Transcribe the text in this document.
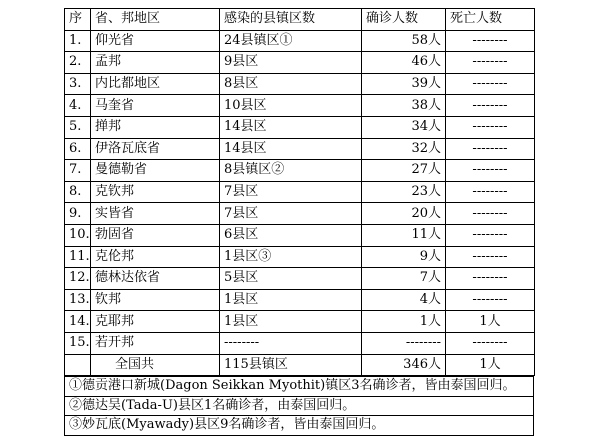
序	省、邦地区	感染的县镇区数	确诊人数	死亡人数
1.	仰光省	24县镇区①	58人	--------
2.	孟邦	9县区	46人	--------
3.	内比都地区	8县区	39人	--------
4.	马奎省	10县区	38人	--------
5.	掸邦	14县区	34人	--------
6.	伊洛瓦底省	14县区	32人	--------
7.	曼德勒省	8县镇区②	27人	--------
8.	克钦邦	7县区	23人	--------
9.	实皆省	7县区	20人	--------
10.	勃固省	6县区	11人	--------
11.	克伦邦	1县区③	9人	--------
12.	德林达依省	5县区	7人	--------
13.	钦邦	1县区	4人	--------
14.	克耶邦	1县区	1人	1人
15.	若开邦	--------	--------	--------
	全国共	115县镇区	346人	1人
①德贡港口新城(Dagon Seikkan Myothit)镇区3名确诊者，皆由泰国回归。
②德达吴(Tada-U)县区1名确诊者，由泰国回归。
③妙瓦底(Myawady)县区9名确诊者，皆由泰国回归。
